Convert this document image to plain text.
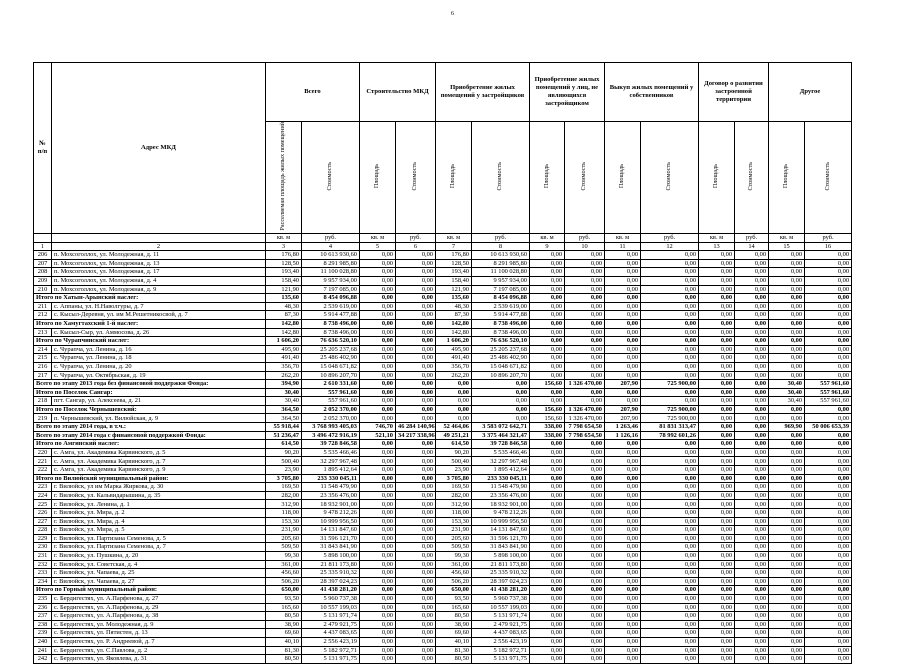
6
№ п/п	Адрес МКД	Всего		Строительство МКД		Приобретение жилых помещений у застройщиков		Приобретение жилых помещений у лиц, не являющихся застройщиком		Выкуп жилых помещений у собственников		Договор о развитии застроенной территории		Другое	
		Расселяемая площадь жилых помещений	Стоимость	Площадь	Стоимость	Площадь	Стоимость	Площадь	Стоимость	Площадь	Стоимость	Площадь	Стоимость	Площадь	Стоимость
		кв. м	руб.	кв. м	руб.	кв. м	руб.	кв. м	руб.	кв. м	руб.	кв. м	руб.	кв. м	руб.
1	2	3	4	5	6	7	8	9	10	11	12	13	14	15	16
206	п. Мохсоголлох, ул. Молодежная, д. 11	176,80	10 613 930,60	0,00	0,00	176,80	10 613 930,60	0,00	0,00	0,00	0,00	0,00	0,00	0,00	0,00
207	п. Мохсоголлох, ул. Молодежная, д. 13	128,50	8 291 985,80	0,00	0,00	128,50	8 291 985,80	0,00	0,00	0,00	0,00	0,00	0,00	0,00	0,00
208	п. Мохсоголлох, ул. Молодежная, д. 17	193,40	11 100 028,80	0,00	0,00	193,40	11 100 028,80	0,00	0,00	0,00	0,00	0,00	0,00	0,00	0,00
209	п. Мохсоголлох, ул. Молодежная, д. 4	158,40	9 957 934,00	0,00	0,00	158,40	9 957 934,00	0,00	0,00	0,00	0,00	0,00	0,00	0,00	0,00
210	п. Мохсоголлох, ул. Молодежная, д. 9	121,90	7 197 085,00	0,00	0,00	121,90	7 197 085,00	0,00	0,00	0,00	0,00	0,00	0,00	0,00	0,00
Итого по Хатын-Арынский наслег:		135,60	8 454 096,88	0,00	0,00	135,60	8 454 096,88	0,00	0,00	0,00	0,00	0,00	0,00	0,00	0,00
211	с. Аппаны, ул. Н.Наволгуры, д. 7	48,30	2 539 619,00	0,00	0,00	48,30	2 539 619,00	0,00	0,00	0,00	0,00	0,00	0,00	0,00	0,00
212	с. Кысыл-Деревня, ул. им М.Решетникосвой, д. 7	87,30	5 914 477,88	0,00	0,00	87,30	5 914 477,88	0,00	0,00	0,00	0,00	0,00	0,00	0,00	0,00
Итого по Хамугтахский 1-й наслег:		142,80	8 738 496,00	0,00	0,00	142,80	8 738 496,00	0,00	0,00	0,00	0,00	0,00	0,00	0,00	0,00
213	с. Кысыл-Сыр, ул. Аммосова, д. 26	142,80	8 738 496,00	0,00	0,00	142,80	8 738 496,00	0,00	0,00	0,00	0,00	0,00	0,00	0,00	0,00
Итого по Чурапчинский наслег:		1 606,20	76 636 520,10	0,00	0,00	1 606,20	76 636 520,10	0,00	0,00	0,00	0,00	0,00	0,00	0,00	0,00
214	с. Чурапча, ул. Ленина, д. 16	495,90	25 205 237,68	0,00	0,00	495,90	25 205 237,68	0,00	0,00	0,00	0,00	0,00	0,00	0,00	0,00
215	с. Чурапча, ул. Ленина, д. 18	491,40	25 486 402,90	0,00	0,00	491,40	25 486 402,90	0,00	0,00	0,00	0,00	0,00	0,00	0,00	0,00
216	с. Чурапча, ул. Ленина, д. 20	356,70	15 048 671,82	0,00	0,00	356,70	15 048 671,82	0,00	0,00	0,00	0,00	0,00	0,00	0,00	0,00
217	с. Чурапча, ул. Октябрьская, д. 19	262,20	10 896 207,70	0,00	0,00	262,20	10 896 207,70	0,00	0,00	0,00	0,00	0,00	0,00	0,00	0,00
Всего по этапу 2013 года без финансовой поддержки Фонда:		394,90	2 610 331,60	0,00	0,00	0,00	0,00	156,60	1 326 470,00	207,90	725 900,00	0,00	0,00	30,40	557 961,60
Итого по Поселок Сангар:		30,40	557 961,60	0,00	0,00	0,00	0,00	0,00	0,00	0,00	0,00	0,00	0,00	30,40	557 961,60
218	пгт. Сангар, ул. Алексеева, д. 21	30,40	557 961,60	0,00	0,00	0,00	0,00	0,00	0,00	0,00	0,00	0,00	0,00	30,40	557 961,60
Итого по Поселок Чернышевский:		364,50	2 052 370,00	0,00	0,00	0,00	0,00	156,60	1 326 470,00	207,90	725 900,00	0,00	0,00	0,00	0,00
219	п. Чернышевский, ул. Вилюйская, д. 9	364,50	2 052 370,00	0,00	0,00	0,00	0,00	156,60	1 326 470,00	207,90	725 900,00	0,00	0,00	0,00	0,00
Всего по этапу 2014 года, в т.ч.:		55 918,44	3 768 993 405,03	746,70	46 284 140,96	52 464,06	3 583 072 642,71	338,00	7 798 654,50	1 263,46	81 831 313,47	0,00	0,00	969,90	50 006 653,39
Всего по этапу 2014 года с финансовой поддержкой Фонда:		51 236,47	3 496 472 916,19	521,10	34 217 338,96	49 251,21	3 375 464 321,47	338,00	7 798 654,50	1 126,16	78 992 601,26	0,00	0,00	0,00	0,00
Итого по Амгинский наслег:		614,50	39 728 846,58	0,00	0,00	614,50	39 728 846,58	0,00	0,00	0,00	0,00	0,00	0,00	0,00	0,00
220	с. Амга, ул. Академика Карвинского, д. 5	90,20	5 535 466,46	0,00	0,00	90,20	5 535 466,46	0,00	0,00	0,00	0,00	0,00	0,00	0,00	0,00
221	с. Амга, ул. Академика Карвинского, д. 7	500,40	32 297 967,48	0,00	0,00	500,40	32 297 967,48	0,00	0,00	0,00	0,00	0,00	0,00	0,00	0,00
222	с. Амга, ул. Академика Карвинского, д. 9	23,90	1 895 412,64	0,00	0,00	23,90	1 895 412,64	0,00	0,00	0,00	0,00	0,00	0,00	0,00	0,00
Итого по Вилюйский муниципальный район:		3 705,80	233 330 045,11	0,00	0,00	3 705,80	233 330 045,11	0,00	0,00	0,00	0,00	0,00	0,00	0,00	0,00
223	г. Вилюйск, ул им Марка Жиркова, д. 30	169,50	11 548 479,90	0,00	0,00	169,50	11 548 479,90	0,00	0,00	0,00	0,00	0,00	0,00	0,00	0,00
224	г. Вилюйск, ул. Кальвидарышина, д. 35	282,00	23 356 476,00	0,00	0,00	282,00	23 356 476,00	0,00	0,00	0,00	0,00	0,00	0,00	0,00	0,00
225	г. Вилюйск, ул. Ленина, д. 1	312,90	18 932 901,00	0,00	0,00	312,90	18 932 901,00	0,00	0,00	0,00	0,00	0,00	0,00	0,00	0,00
226	г. Вилюйск, ул. Мира, д. 2	118,00	9 478 212,26	0,00	0,00	118,00	9 478 212,26	0,00	0,00	0,00	0,00	0,00	0,00	0,00	0,00
227	г. Вилюйск, ул. Мира, д. 4	153,30	10 999 956,50	0,00	0,00	153,30	10 999 956,50	0,00	0,00	0,00	0,00	0,00	0,00	0,00	0,00
228	г. Вилюйск, ул. Мира, д. 5	231,90	14 131 847,60	0,00	0,00	231,90	14 131 847,60	0,00	0,00	0,00	0,00	0,00	0,00	0,00	0,00
229	г. Вилюйск, ул. Партизана Семенова, д. 5	205,60	31 596 121,70	0,00	0,00	205,60	31 596 121,70	0,00	0,00	0,00	0,00	0,00	0,00	0,00	0,00
230	г. Вилюйск, ул. Партизана Семенова, д. 7	509,50	31 843 841,90	0,00	0,00	509,50	31 843 841,90	0,00	0,00	0,00	0,00	0,00	0,00	0,00	0,00
231	г. Вилюйск, ул. Пушкина, д. 20	99,30	5 898 100,00	0,00	0,00	99,30	5 898 100,00	0,00	0,00	0,00	0,00	0,00	0,00	0,00	0,00
232	г. Вилюйск, ул. Советская, д. 4	361,00	21 811 173,80	0,00	0,00	361,00	21 811 173,80	0,00	0,00	0,00	0,00	0,00	0,00	0,00	0,00
233	г. Вилюйск, ул. Чапаева, д. 25	456,60	25 335 910,32	0,00	0,00	456,60	25 335 910,32	0,00	0,00	0,00	0,00	0,00	0,00	0,00	0,00
234	г. Вилюйск, ул. Чапаева, д. 27	506,20	28 397 024,23	0,00	0,00	506,20	28 397 024,23	0,00	0,00	0,00	0,00	0,00	0,00	0,00	0,00
Итого по Горный муниципальный район:		650,00	41 438 281,20	0,00	0,00	650,00	41 438 281,20	0,00	0,00	0,00	0,00	0,00	0,00	0,00	0,00
235	с. Бердигестях, ул. А.Парфенова, д. 27	93,50	5 960 737,38	0,00	0,00	93,50	5 960 737,38	0,00	0,00	0,00	0,00	0,00	0,00	0,00	0,00
236	с. Бердигестях, ул. А.Парфенова, д. 29	165,60	10 557 199,03	0,00	0,00	165,60	10 557 199,03	0,00	0,00	0,00	0,00	0,00	0,00	0,00	0,00
237	с. Бердигестях, ул. А.Парфенова, д. 38	80,50	5 131 971,74	0,00	0,00	80,50	5 131 971,74	0,00	0,00	0,00	0,00	0,00	0,00	0,00	0,00
238	с. Бердигестях, ул. Молодежная, д. 9	38,90	2 479 921,75	0,00	0,00	38,90	2 479 921,75	0,00	0,00	0,00	0,00	0,00	0,00	0,00	0,00
239	с. Бердигестях, ул. Пятистен, д. 13	69,60	4 437 083,65	0,00	0,00	69,60	4 437 083,65	0,00	0,00	0,00	0,00	0,00	0,00	0,00	0,00
240	с. Бердигестях, ул. Р. Андреевой, д. 7	40,10	2 556 423,19	0,00	0,00	40,10	2 556 423,19	0,00	0,00	0,00	0,00	0,00	0,00	0,00	0,00
241	с. Бердигестях, ул. С.Павлова, д. 2	81,30	5 182 972,71	0,00	0,00	81,30	5 182 972,71	0,00	0,00	0,00	0,00	0,00	0,00	0,00	0,00
242	с. Бердигестях, ул. Яковлева, д. 31	80,50	5 131 971,75	0,00	0,00	80,50	5 131 971,75	0,00	0,00	0,00	0,00	0,00	0,00	0,00	0,00
